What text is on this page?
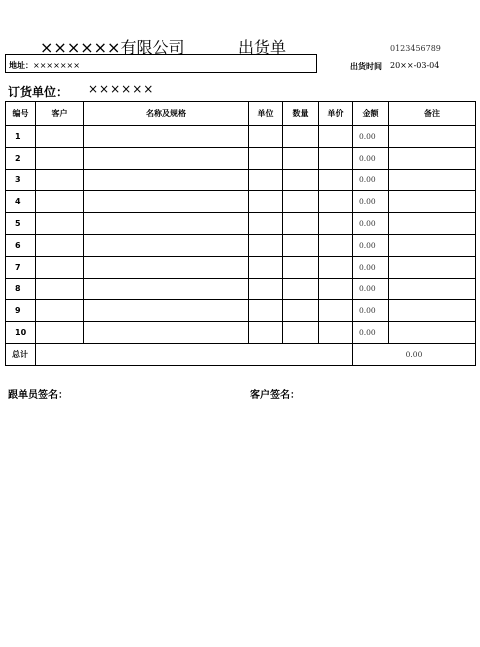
××××××有限公司	出货单	0123456789
地址：×××××××	出货时间 20××-03-04
订货单位： ××××××
编号	客户	名称及规格	单位	数量	单价	金额	备注
1						0.00	
2						0.00	
3						0.00	
4						0.00	
5						0.00	
6						0.00	
7						0.00	
8						0.00	
9						0.00	
10						0.00	
总计						0.00	
跟单员签名：	客户签名：
